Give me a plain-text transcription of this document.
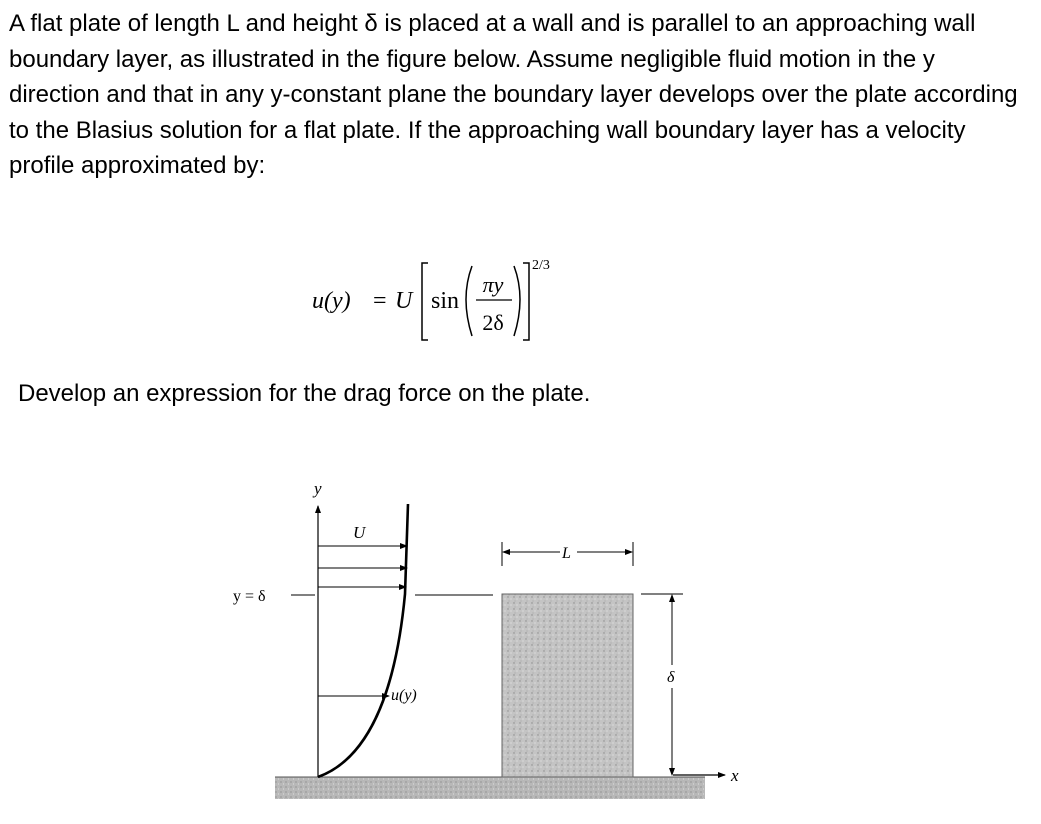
A flat plate of length L and height δ is placed at a wall and is parallel to an approaching wall boundary layer, as illustrated in the figure below. Assume negligible fluid motion in the y direction and that in any y-constant plane the boundary layer develops over the plate according to the Blasius solution for a flat plate. If the approaching wall boundary layer has a velocity profile approximated by:
u(y) = U sin
πy
2δ
2/3
Develop an expression for the drag force on the plate.
x
y
U
u(y)
y = δ
L
δ
